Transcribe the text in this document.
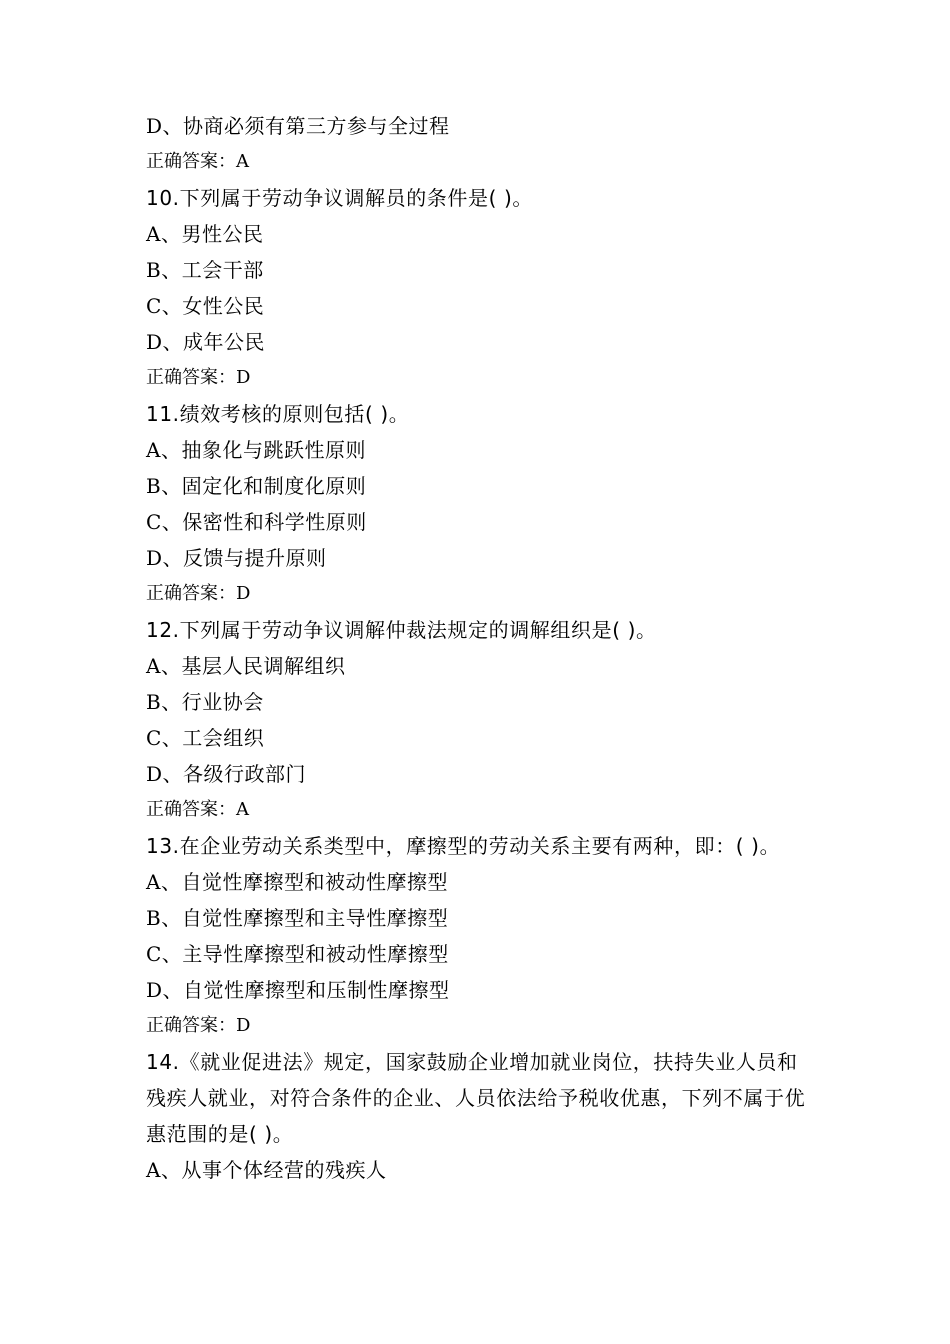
D、协商必须有第三方参与全过程
正确答案：A
10.下列属于劳动争议调解员的条件是( )。
A、男性公民
B、工会干部
C、女性公民
D、成年公民
正确答案：D
11.绩效考核的原则包括( )。
A、抽象化与跳跃性原则
B、固定化和制度化原则
C、保密性和科学性原则
D、反馈与提升原则
正确答案：D
12.下列属于劳动争议调解仲裁法规定的调解组织是( )。
A、基层人民调解组织
B、行业协会
C、工会组织
D、各级行政部门
正确答案：A
13.在企业劳动关系类型中，摩擦型的劳动关系主要有两种，即：( )。
A、自觉性摩擦型和被动性摩擦型
B、自觉性摩擦型和主导性摩擦型
C、主导性摩擦型和被动性摩擦型
D、自觉性摩擦型和压制性摩擦型
正确答案：D
14.《就业促进法》规定，国家鼓励企业增加就业岗位，扶持失业人员和残疾人就业，对符合条件的企业、人员依法给予税收优惠，下列不属于优惠范围的是( )。
A、从事个体经营的残疾人
